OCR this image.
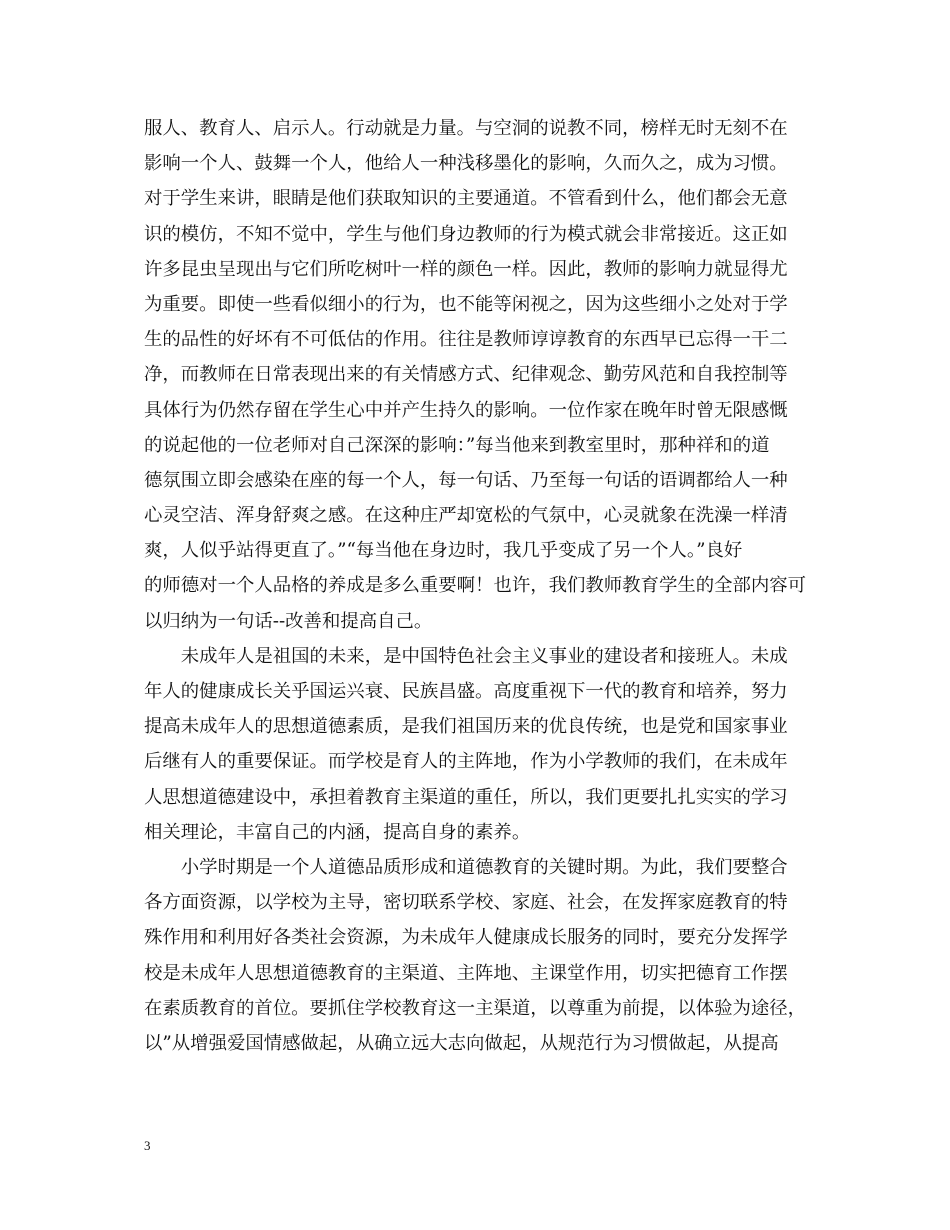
服人、教育人、启示人。行动就是力量。与空洞的说教不同，榜样无时无刻不在
影响一个人、鼓舞一个人，他给人一种浅移墨化的影响，久而久之，成为习惯。
对于学生来讲，眼睛是他们获取知识的主要通道。不管看到什么，他们都会无意
识的模仿，不知不觉中，学生与他们身边教师的行为模式就会非常接近。这正如
许多昆虫呈现出与它们所吃树叶一样的颜色一样。因此，教师的影响力就显得尤
为重要。即使一些看似细小的行为，也不能等闲视之，因为这些细小之处对于学
生的品性的好坏有不可低估的作用。往往是教师谆谆教育的东西早已忘得一干二
净，而教师在日常表现出来的有关情感方式、纪律观念、勤劳风范和自我控制等
具体行为仍然存留在学生心中并产生持久的影响。一位作家在晚年时曾无限感慨
的说起他的一位老师对自己深深的影响：”每当他来到教室里时，那种祥和的道
德氛围立即会感染在座的每一个人，每一句话、乃至每一句话的语调都给人一种
心灵空洁、浑身舒爽之感。在这种庄严却宽松的气氛中，心灵就象在洗澡一样清
爽，人似乎站得更直了。”“每当他在身边时，我几乎变成了另一个人。”良好
的师德对一个人品格的养成是多么重要啊！也许，我们教师教育学生的全部内容可
以归纳为一句话--改善和提高自己。
　　未成年人是祖国的未来，是中国特色社会主义事业的建设者和接班人。未成
年人的健康成长关乎国运兴衰、民族昌盛。高度重视下一代的教育和培养，努力
提高未成年人的思想道德素质，是我们祖国历来的优良传统，也是党和国家事业
后继有人的重要保证。而学校是育人的主阵地，作为小学教师的我们，在未成年
人思想道德建设中，承担着教育主渠道的重任，所以，我们更要扎扎实实的学习
相关理论，丰富自己的内涵，提高自身的素养。
　　小学时期是一个人道德品质形成和道德教育的关键时期。为此，我们要整合
各方面资源，以学校为主导，密切联系学校、家庭、社会，在发挥家庭教育的特
殊作用和利用好各类社会资源，为未成年人健康成长服务的同时，要充分发挥学
校是未成年人思想道德教育的主渠道、主阵地、主课堂作用，切实把德育工作摆
在素质教育的首位。要抓住学校教育这一主渠道，以尊重为前提，以体验为途径，
以”从增强爱国情感做起，从确立远大志向做起，从规范行为习惯做起，从提高
3
